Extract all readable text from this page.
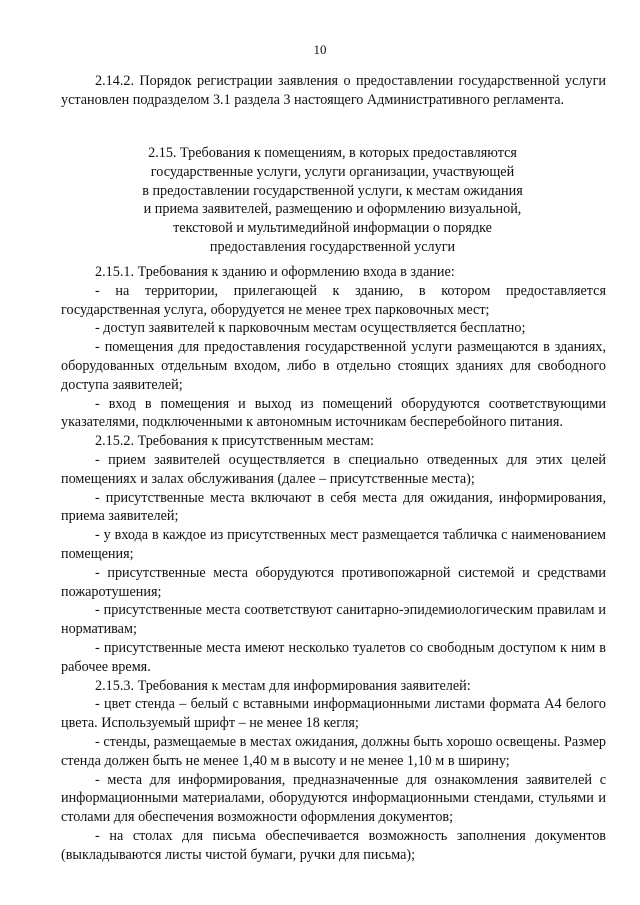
10

2.14.2. Порядок регистрации заявления о предоставлении государственной услуги установлен подразделом 3.1 раздела 3 настоящего Административного регламента.

2.15. Требования к помещениям, в которых предоставляются
государственные услуги, услуги организации, участвующей
в предоставлении государственной услуги, к местам ожидания
и приема заявителей, размещению и оформлению визуальной,
текстовой и мультимедийной информации о порядке
предоставления государственной услуги

2.15.1. Требования к зданию и оформлению входа в здание:

- на территории, прилегающей к зданию, в котором предоставляется государственная услуга, оборудуется не менее трех парковочных мест;

- доступ заявителей к парковочным местам осуществляется бесплатно;

- помещения для предоставления государственной услуги размещаются в зданиях, оборудованных отдельным входом, либо в отдельно стоящих зданиях для свободного доступа заявителей;

- вход в помещения и выход из помещений оборудуются соответствующими указателями, подключенными к автономным источникам бесперебойного питания.

2.15.2. Требования к присутственным местам:

- прием заявителей осуществляется в специально отведенных для этих целей помещениях и залах обслуживания (далее – присутственные места);

- присутственные места включают в себя места для ожидания, информирования, приема заявителей;

- у входа в каждое из присутственных мест размещается табличка с наименованием помещения;

- присутственные места оборудуются противопожарной системой и средствами пожаротушения;

- присутственные места соответствуют санитарно-эпидемиологическим правилам и нормативам;

- присутственные места имеют несколько туалетов со свободным доступом к ним в рабочее время.

2.15.3. Требования к местам для информирования заявителей:

- цвет стенда – белый с вставными информационными листами формата А4 белого цвета. Используемый шрифт – не менее 18 кегля;

- стенды, размещаемые в местах ожидания, должны быть хорошо освещены. Размер стенда должен быть не менее 1,40 м в высоту и не менее 1,10 м в ширину;

- места для информирования, предназначенные для ознакомления заявителей с информационными материалами, оборудуются информационными стендами, стульями и столами для обеспечения возможности оформления документов;

- на столах для письма обеспечивается возможность заполнения документов (выкладываются листы чистой бумаги, ручки для письма);
